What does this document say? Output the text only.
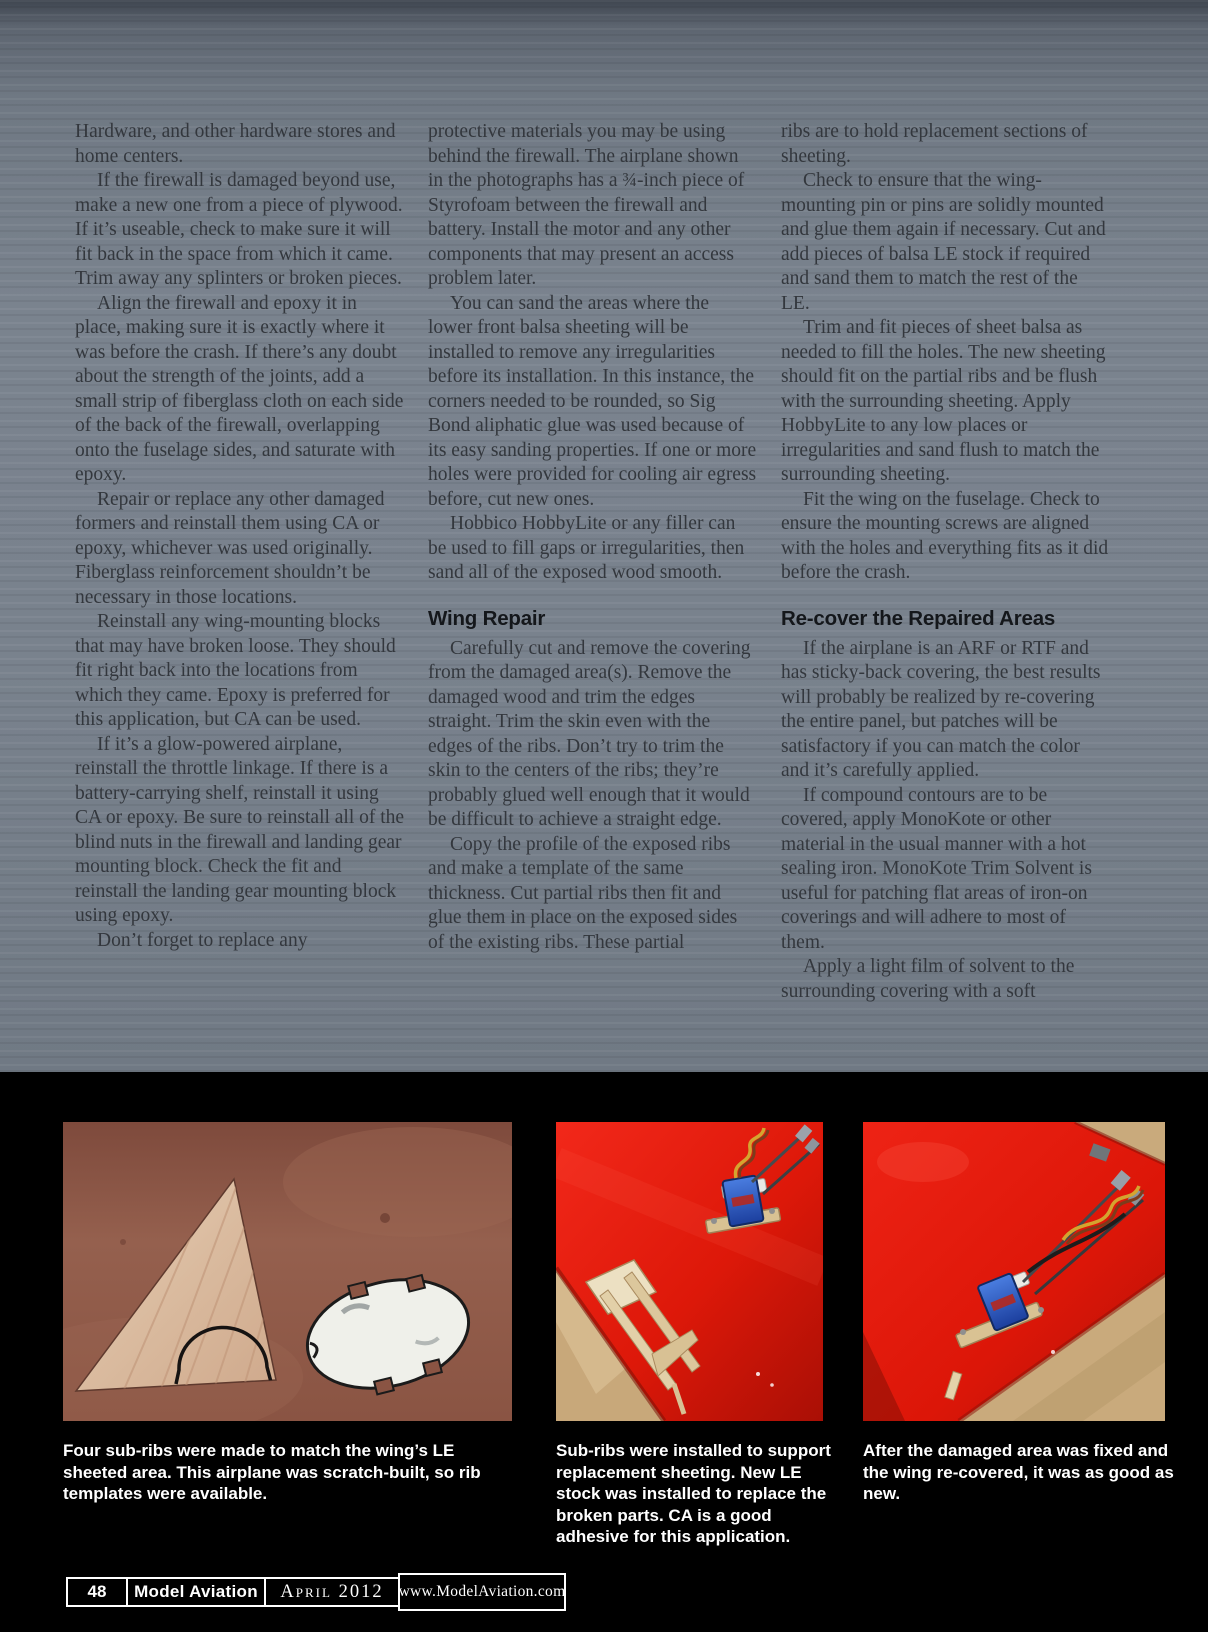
Hardware, and other hardware stores and home centers.

If the firewall is damaged beyond use, make a new one from a piece of plywood. If it’s useable, check to make sure it will fit back in the space from which it came. Trim away any splinters or broken pieces.

Align the firewall and epoxy it in place, making sure it is exactly where it was before the crash. If there’s any doubt about the strength of the joints, add a small strip of fiberglass cloth on each side of the back of the firewall, overlapping onto the fuselage sides, and saturate with epoxy.

Repair or replace any other damaged formers and reinstall them using CA or epoxy, whichever was used originally. Fiberglass reinforcement shouldn’t be necessary in those locations.

Reinstall any wing-mounting blocks that may have broken loose. They should fit right back into the locations from which they came. Epoxy is preferred for this application, but CA can be used.

If it’s a glow-powered airplane, reinstall the throttle linkage. If there is a battery-carrying shelf, reinstall it using CA or epoxy. Be sure to reinstall all of the blind nuts in the firewall and landing gear mounting block. Check the fit and reinstall the landing gear mounting block using epoxy.

Don’t forget to replace any

protective materials you may be using behind the firewall. The airplane shown in the photographs has a ¾-inch piece of Styrofoam between the firewall and battery. Install the motor and any other components that may present an access problem later.

You can sand the areas where the lower front balsa sheeting will be installed to remove any irregularities before its installation. In this instance, the corners needed to be rounded, so Sig Bond aliphatic glue was used because of its easy sanding properties. If one or more holes were provided for cooling air egress before, cut new ones.

Hobbico HobbyLite or any filler can be used to fill gaps or irregularities, then sand all of the exposed wood smooth.

Wing Repair

Carefully cut and remove the covering from the damaged area(s). Remove the damaged wood and trim the edges straight. Trim the skin even with the edges of the ribs. Don’t try to trim the skin to the centers of the ribs; they’re probably glued well enough that it would be difficult to achieve a straight edge.

Copy the profile of the exposed ribs and make a template of the same thickness. Cut partial ribs then fit and glue them in place on the exposed sides of the existing ribs. These partial

ribs are to hold replacement sections of sheeting.

Check to ensure that the wing-mounting pin or pins are solidly mounted and glue them again if necessary. Cut and add pieces of balsa LE stock if required and sand them to match the rest of the LE.

Trim and fit pieces of sheet balsa as needed to fill the holes. The new sheeting should fit on the partial ribs and be flush with the surrounding sheeting. Apply HobbyLite to any low places or irregularities and sand flush to match the surrounding sheeting.

Fit the wing on the fuselage. Check to ensure the mounting screws are aligned with the holes and everything fits as it did before the crash.

Re-cover the Repaired Areas

If the airplane is an ARF or RTF and has sticky-back covering, the best results will probably be realized by re-covering the entire panel, but patches will be satisfactory if you can match the color and it’s carefully applied.

If compound contours are to be covered, apply MonoKote or other material in the usual manner with a hot sealing iron. MonoKote Trim Solvent is useful for patching flat areas of iron-on coverings and will adhere to most of them.

Apply a light film of solvent to the surrounding covering with a soft

Four sub-ribs were made to match the wing’s LE sheeted area. This airplane was scratch-built, so rib templates were available.
Sub-ribs were installed to support replacement sheeting. New LE stock was installed to replace the broken parts. CA is a good adhesive for this application.
After the damaged area was fixed and the wing re-covered, it was as good as new.
48	Model Aviation	April 2012 www.ModelAviation.com
